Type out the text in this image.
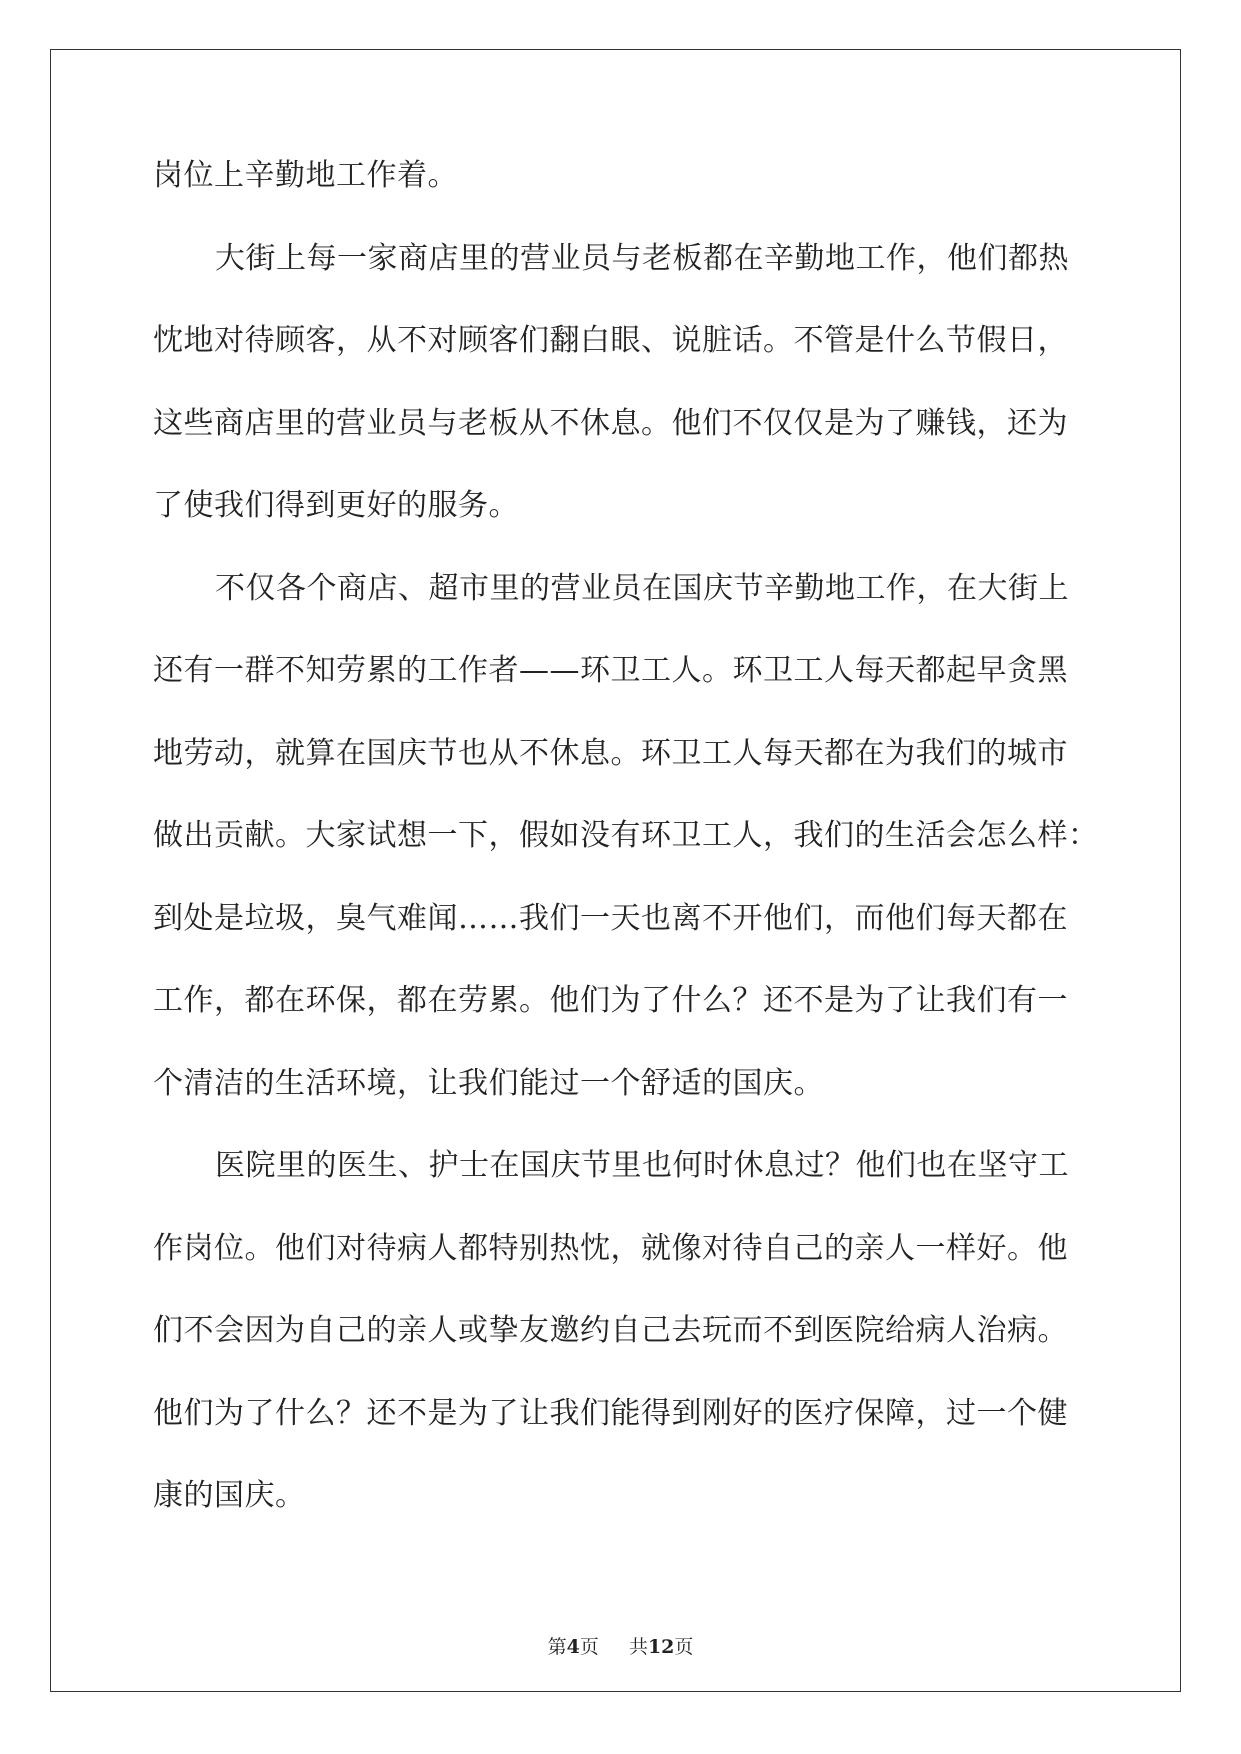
岗位上辛勤地工作着。
大街上每一家商店里的营业员与老板都在辛勤地工作，他们都热
忱地对待顾客，从不对顾客们翻白眼、说脏话。不管是什么节假日，
这些商店里的营业员与老板从不休息。他们不仅仅是为了赚钱，还为
了使我们得到更好的服务。
不仅各个商店、超市里的营业员在国庆节辛勤地工作，在大街上
还有一群不知劳累的工作者——环卫工人。环卫工人每天都起早贪黑
地劳动，就算在国庆节也从不休息。环卫工人每天都在为我们的城市
做出贡献。大家试想一下，假如没有环卫工人，我们的生活会怎么样：
到处是垃圾，臭气难闻……我们一天也离不开他们，而他们每天都在
工作，都在环保，都在劳累。他们为了什么？还不是为了让我们有一
个清洁的生活环境，让我们能过一个舒适的国庆。
医院里的医生、护士在国庆节里也何时休息过？他们也在坚守工
作岗位。他们对待病人都特别热忱，就像对待自己的亲人一样好。他
们不会因为自己的亲人或挚友邀约自己去玩而不到医院给病人治病。
他们为了什么？还不是为了让我们能得到刚好的医疗保障，过一个健
康的国庆。
第4页 共12页
